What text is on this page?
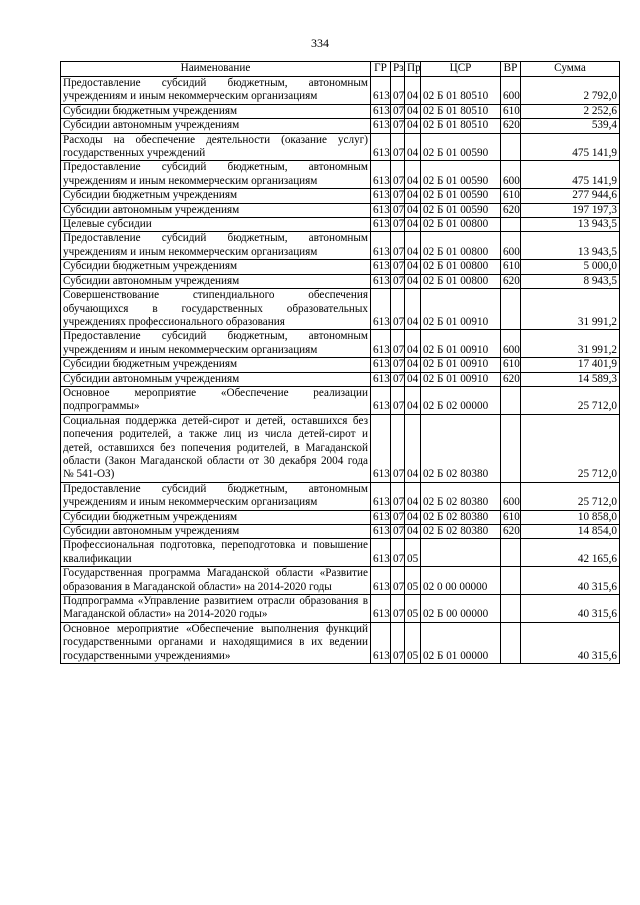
334
Наименование	ГР	Рз	Пр	ЦСР	ВР	Сумма
Предоставление субсидий бюджетным, автономным учреждениям и иным некоммерческим организациям	613	07	04	02 Б 01 80510	600	2 792,0
Субсидии бюджетным учреждениям	613	07	04	02 Б 01 80510	610	2 252,6
Субсидии автономным учреждениям	613	07	04	02 Б 01 80510	620	539,4
Расходы на обеспечение деятельности (оказание услуг) государственных учреждений	613	07	04	02 Б 01 00590		475 141,9
Предоставление субсидий бюджетным, автономным учреждениям и иным некоммерческим организациям	613	07	04	02 Б 01 00590	600	475 141,9
Субсидии бюджетным учреждениям	613	07	04	02 Б 01 00590	610	277 944,6
Субсидии автономным учреждениям	613	07	04	02 Б 01 00590	620	197 197,3
Целевые субсидии	613	07	04	02 Б 01 00800		13 943,5
Предоставление субсидий бюджетным, автономным учреждениям и иным некоммерческим организациям	613	07	04	02 Б 01 00800	600	13 943,5
Субсидии бюджетным учреждениям	613	07	04	02 Б 01 00800	610	5 000,0
Субсидии автономным учреждениям	613	07	04	02 Б 01 00800	620	8 943,5
Совершенствование стипендиального обеспечения обучающихся в государственных образовательных учреждениях профессионального образования	613	07	04	02 Б 01 00910		31 991,2
Предоставление субсидий бюджетным, автономным учреждениям и иным некоммерческим организациям	613	07	04	02 Б 01 00910	600	31 991,2
Субсидии бюджетным учреждениям	613	07	04	02 Б 01 00910	610	17 401,9
Субсидии автономным учреждениям	613	07	04	02 Б 01 00910	620	14 589,3
Основное мероприятие «Обеспечение реализации подпрограммы»	613	07	04	02 Б 02 00000		25 712,0
Социальная поддержка детей-сирот и детей, оставшихся без попечения родителей, а также лиц из числа детей-сирот и детей, оставшихся без попечения родителей, в Магаданской области (Закон Магаданской области от 30 декабря 2004 года № 541-ОЗ)	613	07	04	02 Б 02 80380		25 712,0
Предоставление субсидий бюджетным, автономным учреждениям и иным некоммерческим организациям	613	07	04	02 Б 02 80380	600	25 712,0
Субсидии бюджетным учреждениям	613	07	04	02 Б 02 80380	610	10 858,0
Субсидии автономным учреждениям	613	07	04	02 Б 02 80380	620	14 854,0
Профессиональная подготовка, переподготовка и повышение квалификации	613	07	05			42 165,6
Государственная программа Магаданской области «Развитие образования в Магаданской области» на 2014-2020 годы	613	07	05	02 0 00 00000		40 315,6
Подпрограмма «Управление развитием отрасли образования в Магаданской области» на 2014-2020 годы»	613	07	05	02 Б 00 00000		40 315,6
Основное мероприятие «Обеспечение выполнения функций государственными органами и находящимися в их ведении государственными учреждениями»	613	07	05	02 Б 01 00000		40 315,6
